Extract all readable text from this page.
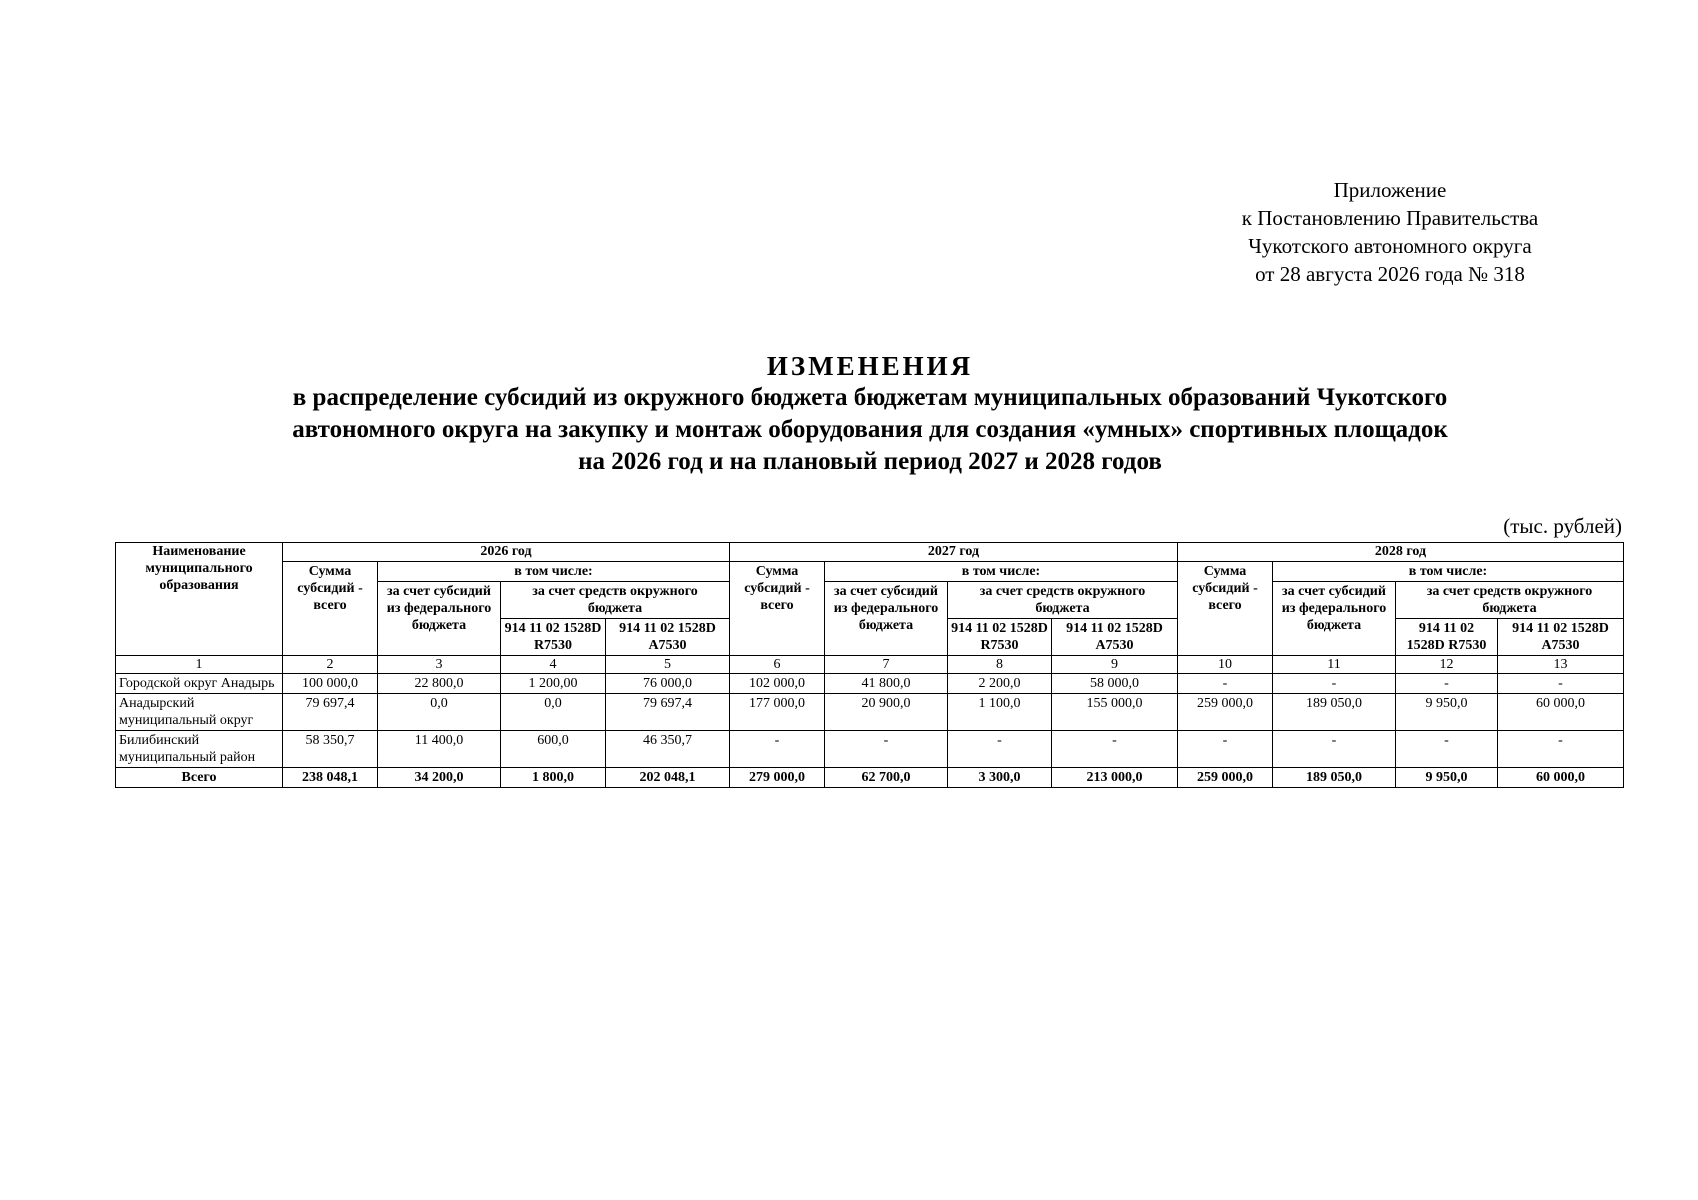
Приложение
к Постановлению Правительства
Чукотского автономного округа
от 28 августа 2026 года № 318
ИЗМЕНЕНИЯ
в распределение субсидий из окружного бюджета бюджетам муниципальных образований Чукотского
автономного округа на закупку и монтаж оборудования для создания «умных» спортивных площадок
на 2026 год и на плановый период 2027 и 2028 годов
(тыс. рублей)
Наименование муниципального образования	2026 год				2027 год				2028 год			
	Сумма субсидий - всего	в том числе:			Сумма субсидий - всего	в том числе:			Сумма субсидий - всего	в том числе:		
		за счет субсидий из федерального бюджета	за счет средств окружного бюджета			за счет субсидий из федерального бюджета	за счет средств окружного бюджета			за счет субсидий из федерального бюджета	за счет средств окружного бюджета	
			914 11 02 1528D R7530	914 11 02 1528D A7530			914 11 02 1528D R7530	914 11 02 1528D A7530			914 11 02 1528D R7530	914 11 02 1528D A7530
1	2	3	4	5	6	7	8	9	10	11	12	13
Городской округ Анадырь	100 000,0	22 800,0	1 200,00	76 000,0	102 000,0	41 800,0	2 200,0	58 000,0	-	-	-	-
Анадырский муниципальный округ	79 697,4	0,0	0,0	79 697,4	177 000,0	20 900,0	1 100,0	155 000,0	259 000,0	189 050,0	9 950,0	60 000,0
Билибинский муниципальный район	58 350,7	11 400,0	600,0	46 350,7	-	-	-	-	-	-	-	-
Всего	238 048,1	34 200,0	1 800,0	202 048,1	279 000,0	62 700,0	3 300,0	213 000,0	259 000,0	189 050,0	9 950,0	60 000,0
